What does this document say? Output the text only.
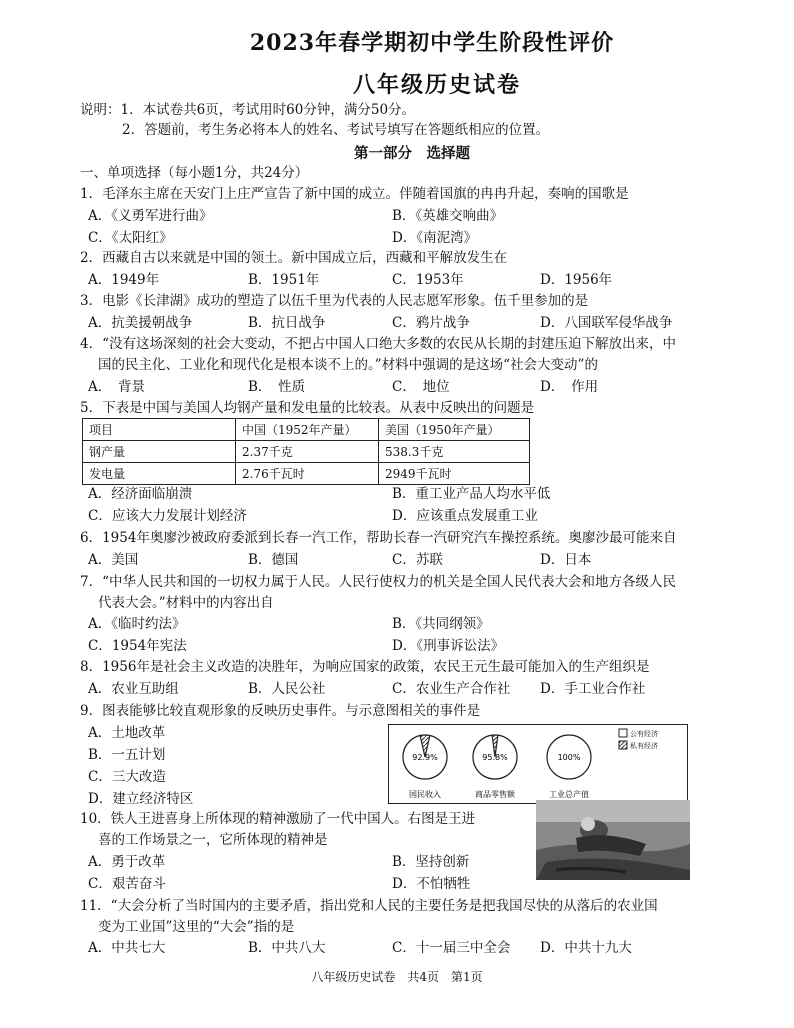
2023年春学期初中学生阶段性评价
八年级历史试卷
说明：1．本试卷共6页，考试用时60分钟，满分50分。
2．答题前，考生务必将本人的姓名、考试号填写在答题纸相应的位置。
第一部分　选择题
一、单项选择（每小题1分，共24分）
1．毛泽东主席在天安门上庄严宣告了新中国的成立。伴随着国旗的冉冉升起，奏响的国歌是
A．《义勇军进行曲》	B．《英雄交响曲》
C．《太阳红》	D．《南泥湾》
2．西藏自古以来就是中国的领土。新中国成立后，西藏和平解放发生在
A．1949年	B．1951年	C．1953年	D．1956年
3．电影《长津湖》成功的塑造了以伍千里为代表的人民志愿军形象。伍千里参加的是
A．抗美援朝战争	B．抗日战争	C．鸦片战争	D．八国联军侵华战争
4．“没有这场深刻的社会大变动，不把占中国人口绝大多数的农民从长期的封建压迫下解放出来，中
国的民主化、工业化和现代化是根本谈不上的。”材料中强调的是这场“社会大变动”的
A．　背景	B．　性质	C．　地位	D．　作用
5．下表是中国与美国人均钢产量和发电量的比较表。从表中反映出的问题是
项目	中国（1952年产量）	美国（1950年产量）
钢产量	2.37千克	538.3千克
发电量	2.76千瓦时	2949千瓦时
A．经济面临崩溃	B．重工业产品人均水平低
C．应该大力发展计划经济	D．应该重点发展重工业
6．1954年奥廖沙被政府委派到长春一汽工作，帮助长春一汽研究汽车操控系统。奥廖沙最可能来自
A．美国	B．德国	C．苏联	D．日本
7．“中华人民共和国的一切权力属于人民。人民行使权力的机关是全国人民代表大会和地方各级人民
代表大会。”材料中的内容出自
A．《临时约法》	B．《共同纲领》
C．1954年宪法	D．《刑事诉讼法》
8．1956年是社会主义改造的决胜年，为响应国家的政策，农民王元生最可能加入的生产组织是
A．农业互助组	B．人民公社	C．农业生产合作社 D．手工业合作社
9．图表能够比较直观形象的反映历史事件。与示意图相关的事件是
A．土地改革
B．一五计划
C．三大改造
D．建立经济特区
92.9%
国民收入
95.8%
商品零售额
100%
工业总产值
公有经济
私有经济
10．铁人王进喜身上所体现的精神激励了一代中国人。右图是王进
喜的工作场景之一，它所体现的精神是
A．勇于改革	B．坚持创新
C．艰苦奋斗	D．不怕牺牲
11．“大会分析了当时国内的主要矛盾，指出党和人民的主要任务是把我国尽快的从落后的农业国
变为工业国”这里的“大会”指的是
A．中共七大	B．中共八大	C．十一届三中全会 D．中共十九大
八年级历史试卷　共4页　第1页
